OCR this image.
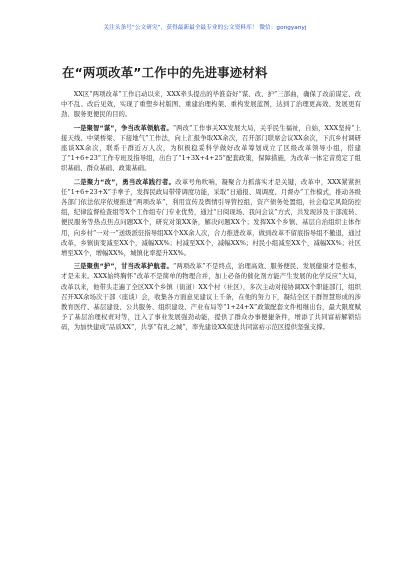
关注头条号“公文研究”，获得最新最全最专业的公文资料库！ 微信：gongyanyj
在“两项改革”工作中的先进事迹材料

XX区“两项改革”工作启动以来，XXX牵头提出的毕淮奋好“谋、改、护”三部曲，确保了改前谋定、改中不乱、改后见效，实现了重塑乡村版图、重建治理构架、重构发展蓝图，达到了治理更高效、发展更有劲、服务更便民的目的。

一是聚智“谋”，争当改革领航者。“两改”工作事关XX发展大局，关乎民生福祉，自始，XXX坚持“上接天线、中架桥梁、下接地气”工作法，向上汇报争取XX余次，召开部门联席会议XX余次，下沉乡村调研座谈XX余次，联系干群近万人次，为积极稳妥科学做好改革筹划成立了区级改革领导小组，搭建了“1+6+23”工作专班及指导组，出台了“1+3X+4+25”配套政策，保障措施，为改革一体定音奠定了组织基础、群众基础、政策基础。

二是聚力“改”，勇当改革践行者。改革号角吹响，凝聚合力抓落实才是关键，改革中，XXX紧紧担任“1+6+23+X”手拳子，发挥民政局带带调度功能，采取“日通报、周调度、月督办”工作模式，推动各级各部门依法依序依规推进“两项改革”，利用宣传及舆情引导管控组，资产债务处置组，社会稳定风险防控组，纪律监督检查组等X个工作组专门专业优势，通过“日阅现场、我问会议”方式，共发现涉及干部流转、便民服务等热点焦点问题XX个，研究对策XX条，解决问题XX个；发挥XX个乡镇、基层自治组织主体作用，向乡村“一对一”送级派驻指导组XX个XX余人次，合力推进改革，做到改革不留底指导组不撤退，通过改革，乡镇街变减至XX个，减幅XX%；村减至XX个，减幅XX%；村民小组减至XX个，减幅XX%；社区增至XX个，增幅XX%，城镇化率提升XX%。

三是聚焦“护”，甘当改革护航者。“两项改革”不是终点，治理高效、服务便民、发展健康才是根本，才是未来。XXX始终胸怀“改革不是简单的物理合并，加上必备的催化剂方能产生发展的化学反应”大局，改革以来，他带头走遍了全区XX个乡镇（街道）XX个村（社区），多次主动对接协调XX个职能部门，组织召开XX余场次干部（座谈）会，收集各方面意见建议上千条，在他的努力下，凝结全区干群智慧形成的涉教育医疗、基层建设、公共服务、组织建设、产业布局等“1+24+X”政策配套文件相继出台，最大限度赋予了基层治理权责对等，注入了事业发展强劲动能，提供了群众办事便捷条件，增添了共同富裕解锁结码，为加快建成“品质XX”，共享“有礼之城”，率先建设XX促进共同富裕示范区提供坚强支撑。
